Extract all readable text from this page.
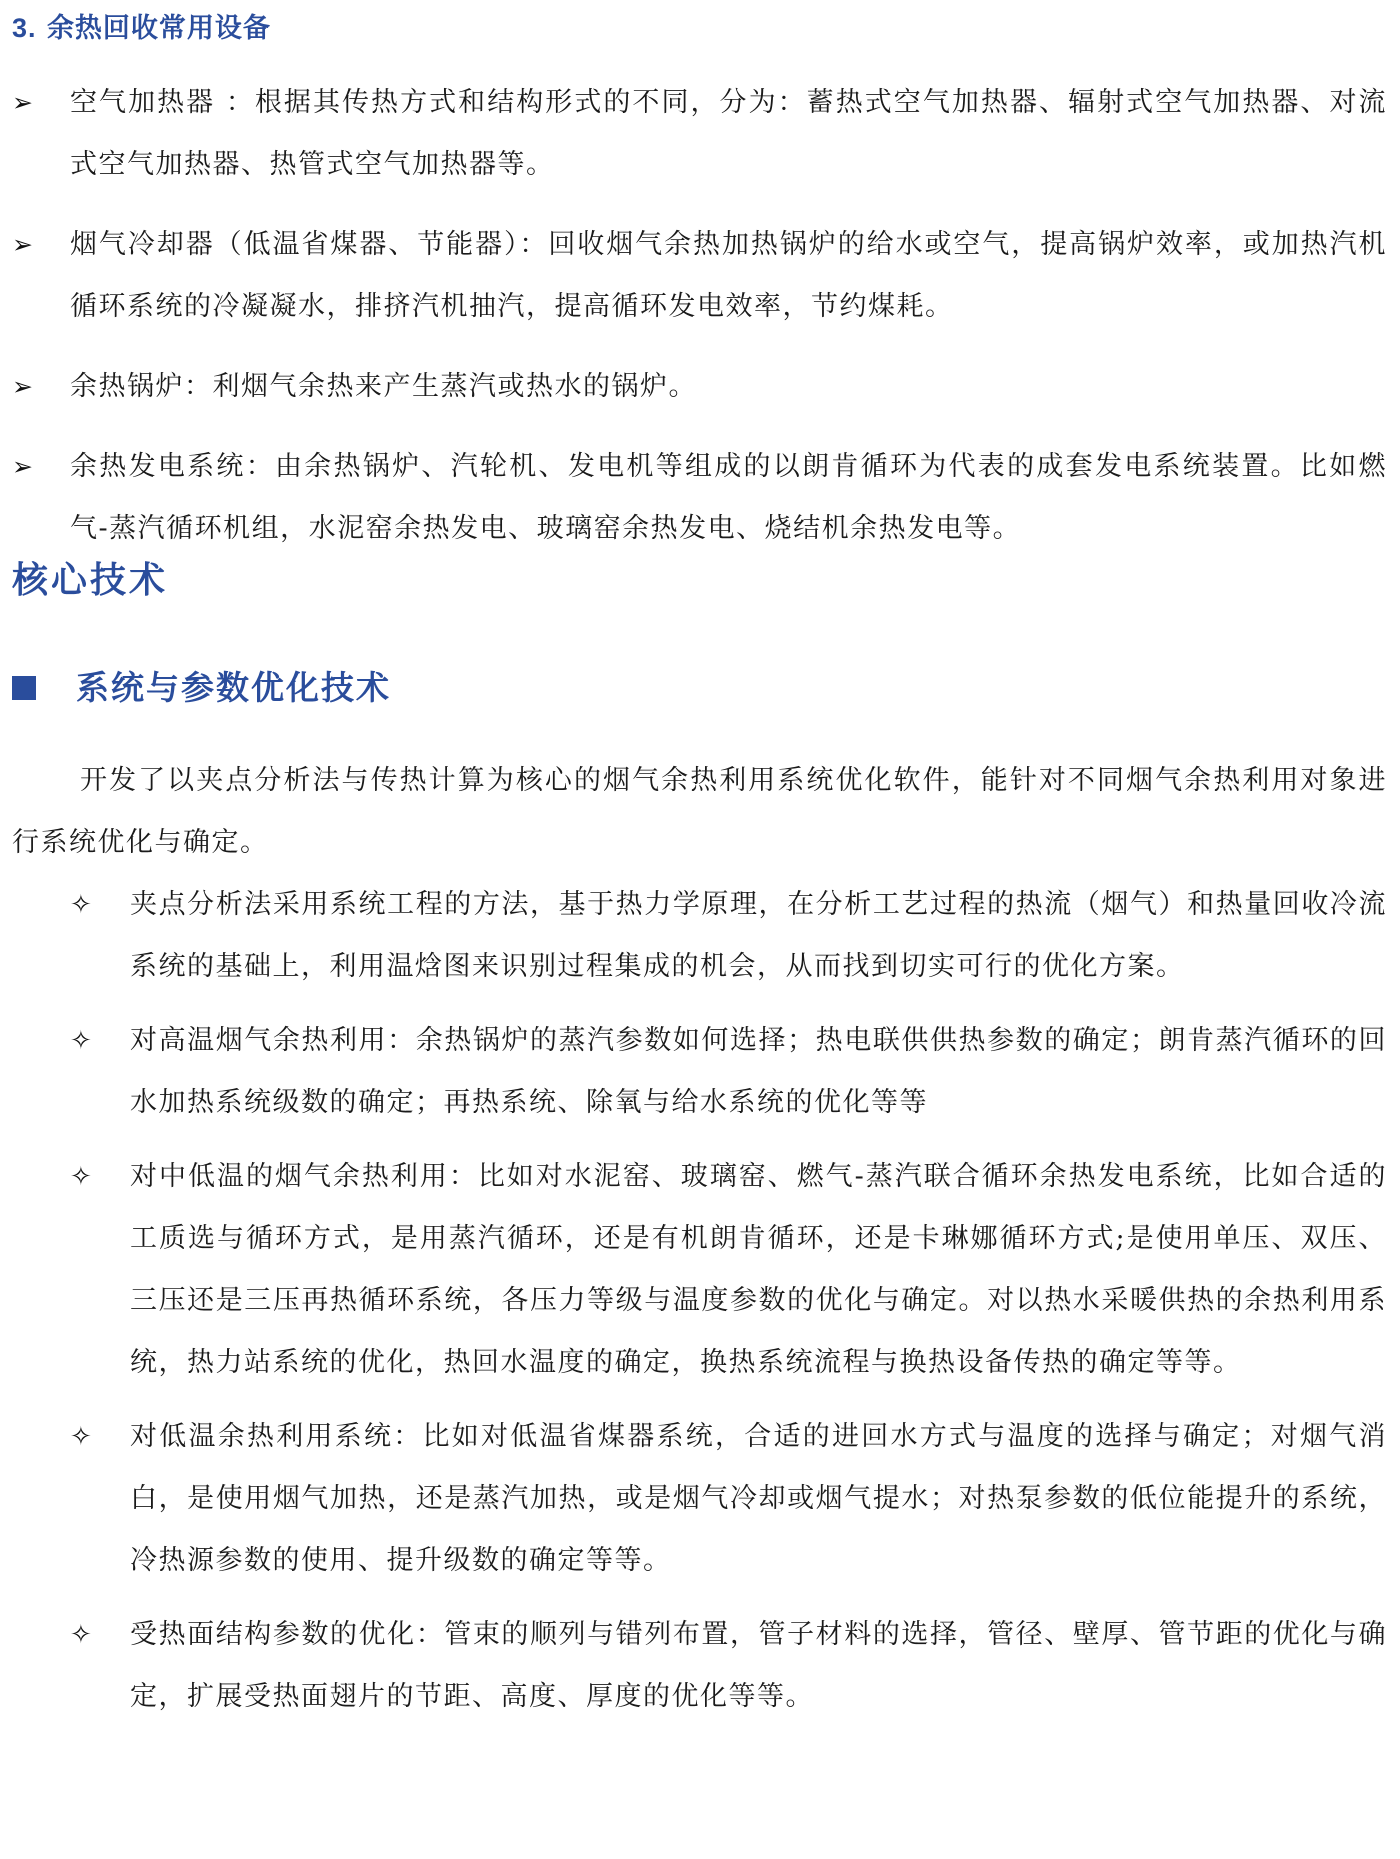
3. 余热回收常用设备
➢	空气加热器 ：根据其传热方式和结构形式的不同，分为：蓄热式空气加热器、辐射式空气加热器、对流式空气加热器、热管式空气加热器等。
➢	烟气冷却器（低温省煤器、节能器）：回收烟气余热加热锅炉的给水或空气，提高锅炉效率，或加热汽机循环系统的冷凝凝水，排挤汽机抽汽，提高循环发电效率，节约煤耗。
➢	余热锅炉：利烟气余热来产生蒸汽或热水的锅炉。
➢	余热发电系统：由余热锅炉、汽轮机、发电机等组成的以朗肯循环为代表的成套发电系统装置。比如燃气-蒸汽循环机组，水泥窑余热发电、玻璃窑余热发电、烧结机余热发电等。
核心技术
系统与参数优化技术
开发了以夹点分析法与传热计算为核心的烟气余热利用系统优化软件，能针对不同烟气余热利用对象进行系统优化与确定。
✧	夹点分析法采用系统工程的方法，基于热力学原理，在分析工艺过程的热流（烟气）和热量回收冷流系统的基础上，利用温焓图来识别过程集成的机会，从而找到切实可行的优化方案。
✧	对高温烟气余热利用：余热锅炉的蒸汽参数如何选择；热电联供供热参数的确定；朗肯蒸汽循环的回水加热系统级数的确定；再热系统、除氧与给水系统的优化等等
✧	对中低温的烟气余热利用：比如对水泥窑、玻璃窑、燃气-蒸汽联合循环余热发电系统，比如合适的工质选与循环方式，是用蒸汽循环，还是有机朗肯循环，还是卡琳娜循环方式;是使用单压、双压、三压还是三压再热循环系统，各压力等级与温度参数的优化与确定。对以热水采暖供热的余热利用系统，热力站系统的优化，热回水温度的确定，换热系统流程与换热设备传热的确定等等。
✧	对低温余热利用系统：比如对低温省煤器系统，合适的进回水方式与温度的选择与确定；对烟气消白，是使用烟气加热，还是蒸汽加热，或是烟气冷却或烟气提水；对热泵参数的低位能提升的系统，冷热源参数的使用、提升级数的确定等等。
✧	受热面结构参数的优化：管束的顺列与错列布置，管子材料的选择，管径、壁厚、管节距的优化与确定，扩展受热面翅片的节距、高度、厚度的优化等等。
